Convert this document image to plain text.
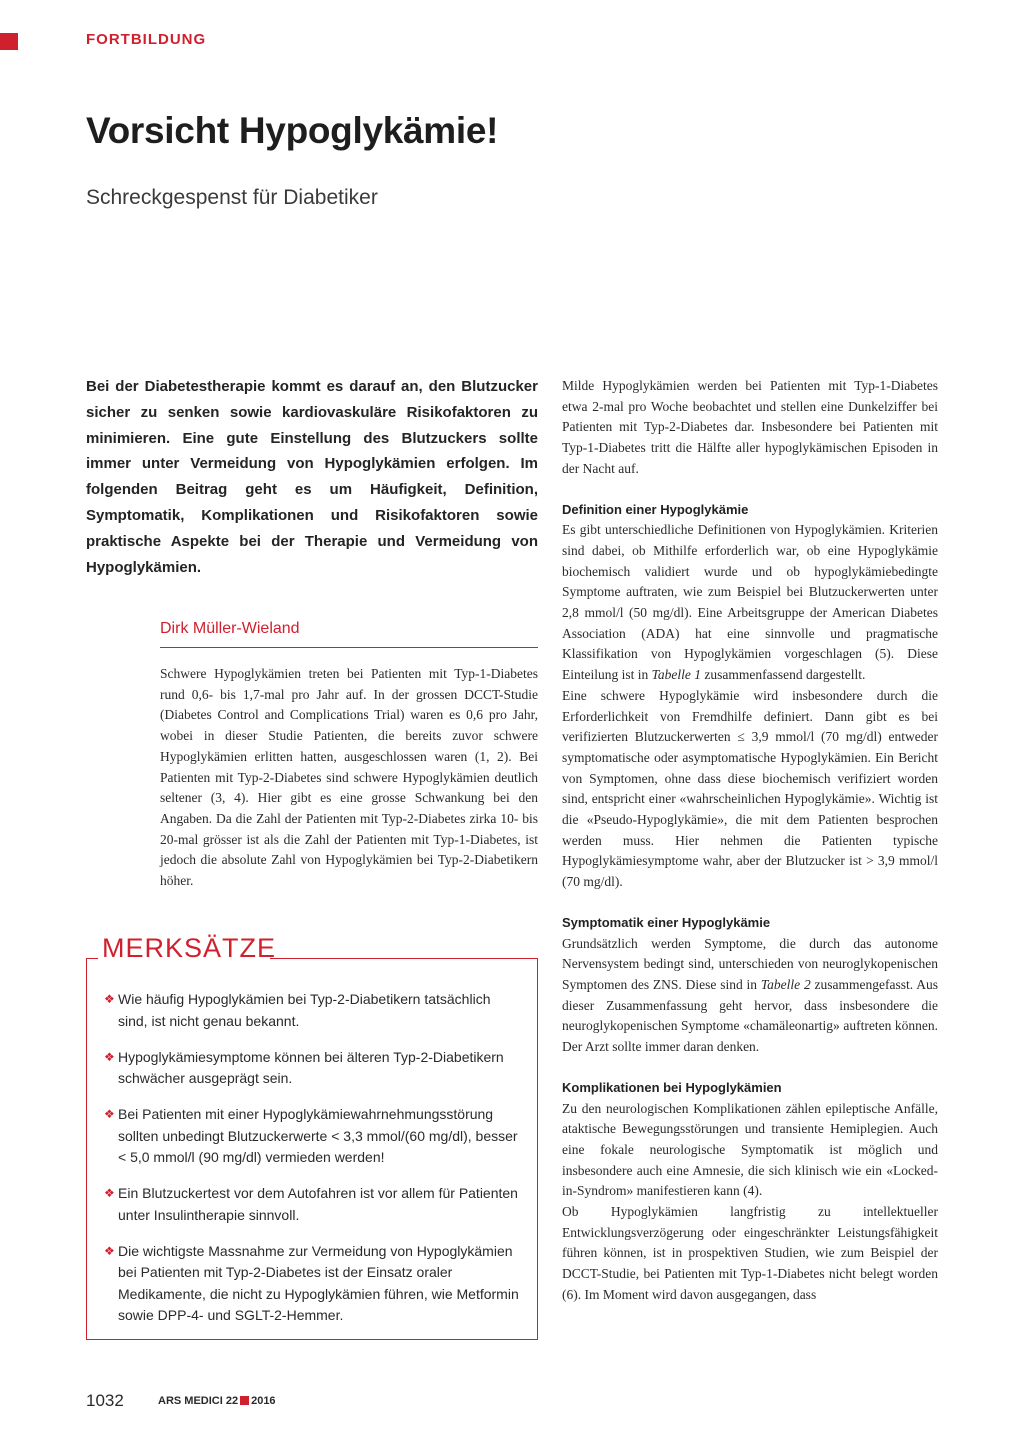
FORTBILDUNG
Vorsicht Hypoglykämie!
Schreckgespenst für Diabetiker

Bei der Diabetestherapie kommt es darauf an, den Blutzucker sicher zu senken sowie kardiovaskuläre Risikofaktoren zu minimieren. Eine gute Einstellung des Blutzuckers sollte immer unter Vermeidung von Hypoglykämien erfolgen. Im folgenden Beitrag geht es um Häufigkeit, Definition, Symptomatik, Komplikationen und Risikofaktoren sowie praktische Aspekte bei der Therapie und Vermeidung von Hypoglykämien.

Dirk Müller-Wieland

Schwere Hypoglykämien treten bei Patienten mit Typ-1-Diabetes rund 0,6- bis 1,7-mal pro Jahr auf. In der grossen DCCT-Studie (Diabetes Control and Complications Trial) waren es 0,6 pro Jahr, wobei in dieser Studie Patienten, die bereits zuvor schwere Hypoglykämien erlitten hatten, ausgeschlossen waren (1, 2). Bei Patienten mit Typ-2-Diabetes sind schwere Hypoglykämien deutlich seltener (3, 4). Hier gibt es eine grosse Schwankung bei den Angaben. Da die Zahl der Patienten mit Typ-2-Diabetes zirka 10- bis 20-mal grösser ist als die Zahl der Patienten mit Typ-1-Diabetes, ist jedoch die absolute Zahl von Hypoglykämien bei Typ-2-Diabetikern höher.

Milde Hypoglykämien werden bei Patienten mit Typ-1-Diabetes etwa 2-mal pro Woche beobachtet und stellen eine Dunkelziffer bei Patienten mit Typ-2-Diabetes dar. Insbesondere bei Patienten mit Typ-1-Diabetes tritt die Hälfte aller hypoglykämischen Episoden in der Nacht auf.

Definition einer Hypoglykämie

Es gibt unterschiedliche Definitionen von Hypoglykämien. Kriterien sind dabei, ob Mithilfe erforderlich war, ob eine Hypoglykämie biochemisch validiert wurde und ob hypoglykämiebedingte Symptome auftraten, wie zum Beispiel bei Blutzuckerwerten unter 2,8 mmol/l (50 mg/dl). Eine Arbeitsgruppe der American Diabetes Association (ADA) hat eine sinnvolle und pragmatische Klassifikation von Hypoglykämien vorgeschlagen (5). Diese Einteilung ist in Tabelle 1 zusammenfassend dargestellt.

Eine schwere Hypoglykämie wird insbesondere durch die Erforderlichkeit von Fremdhilfe definiert. Dann gibt es bei verifizierten Blutzuckerwerten ≤ 3,9 mmol/l (70 mg/dl) entweder symptomatische oder asymptomatische Hypoglykämien. Ein Bericht von Symptomen, ohne dass diese biochemisch verifiziert worden sind, entspricht einer «wahrscheinlichen Hypoglykämie». Wichtig ist die «Pseudo-Hypoglykämie», die mit dem Patienten besprochen werden muss. Hier nehmen die Patienten typische Hypoglykämiesymptome wahr, aber der Blutzucker ist > 3,9 mmol/l (70 mg/dl).

Symptomatik einer Hypoglykämie

Grundsätzlich werden Symptome, die durch das autonome Nervensystem bedingt sind, unterschieden von neuroglykopenischen Symptomen des ZNS. Diese sind in Tabelle 2 zusammengefasst. Aus dieser Zusammenfassung geht hervor, dass insbesondere die neuroglykopenischen Symptome «chamäleonartig» auftreten können. Der Arzt sollte immer daran denken.

Komplikationen bei Hypoglykämien

Zu den neurologischen Komplikationen zählen epileptische Anfälle, ataktische Bewegungsstörungen und transiente Hemiplegien. Auch eine fokale neurologische Symptomatik ist möglich und insbesondere auch eine Amnesie, die sich klinisch wie ein «Locked-in-Syndrom» manifestieren kann (4).

Ob Hypoglykämien langfristig zu intellektueller Entwicklungsverzögerung oder eingeschränkter Leistungsfähigkeit führen können, ist in prospektiven Studien, wie zum Beispiel der DCCT-Studie, bei Patienten mit Typ-1-Diabetes nicht belegt worden (6). Im Moment wird davon ausgegangen, dass

MERKSÄTZE
❖ Wie häufig Hypoglykämien bei Typ-2-Diabetikern tatsächlich sind, ist nicht genau bekannt.
❖ Hypoglykämiesymptome können bei älteren Typ-2-Diabetikern schwächer ausgeprägt sein.
❖ Bei Patienten mit einer Hypoglykämiewahrnehmungsstörung sollten unbedingt Blutzuckerwerte < 3,3 mmol/(60 mg/dl), besser < 5,0 mmol/l (90 mg/dl) vermieden werden!
❖ Ein Blutzuckertest vor dem Autofahren ist vor allem für Patienten unter Insulintherapie sinnvoll.
❖ Die wichtigste Massnahme zur Vermeidung von Hypoglykämien bei Patienten mit Typ-2-Diabetes ist der Einsatz oraler Medikamente, die nicht zu Hypoglykämien führen, wie Metformin sowie DPP-4- und SGLT-2-Hemmer.
1032	ARS MEDICI 22 2016
